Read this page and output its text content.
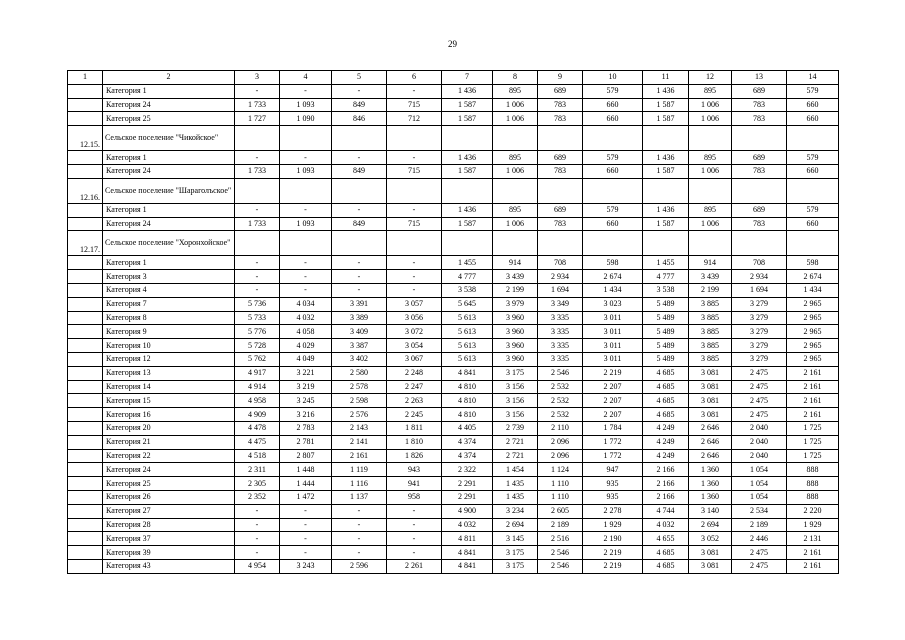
29
1	2	3	4	5	6	7	8	9	10	11	12	13	14
	Категория 1	-	-	-	-	1 436	895	689	579	1 436	895	689	579
	Категория 24	1 733	1 093	849	715	1 587	1 006	783	660	1 587	1 006	783	660
	Категория 25	1 727	1 090	846	712	1 587	1 006	783	660	1 587	1 006	783	660
12.15.	Сельское поселение "Чикойское"												
	Категория 1	-	-	-	-	1 436	895	689	579	1 436	895	689	579
	Категория 24	1 733	1 093	849	715	1 587	1 006	783	660	1 587	1 006	783	660
12.16.	Сельское поселение "Шараголъское"												
	Категория 1	-	-	-	-	1 436	895	689	579	1 436	895	689	579
	Категория 24	1 733	1 093	849	715	1 587	1 006	783	660	1 587	1 006	783	660
12.17.	Сельское поселение "Хоронхойское"												
	Категория 1	-	-	-	-	1 455	914	708	598	1 455	914	708	598
	Категория 3	-	-	-	-	4 777	3 439	2 934	2 674	4 777	3 439	2 934	2 674
	Категория 4	-	-	-	-	3 538	2 199	1 694	1 434	3 538	2 199	1 694	1 434
	Категория 7	5 736	4 034	3 391	3 057	5 645	3 979	3 349	3 023	5 489	3 885	3 279	2 965
	Категория 8	5 733	4 032	3 389	3 056	5 613	3 960	3 335	3 011	5 489	3 885	3 279	2 965
	Категория 9	5 776	4 058	3 409	3 072	5 613	3 960	3 335	3 011	5 489	3 885	3 279	2 965
	Категория 10	5 728	4 029	3 387	3 054	5 613	3 960	3 335	3 011	5 489	3 885	3 279	2 965
	Категория 12	5 762	4 049	3 402	3 067	5 613	3 960	3 335	3 011	5 489	3 885	3 279	2 965
	Категория 13	4 917	3 221	2 580	2 248	4 841	3 175	2 546	2 219	4 685	3 081	2 475	2 161
	Категория 14	4 914	3 219	2 578	2 247	4 810	3 156	2 532	2 207	4 685	3 081	2 475	2 161
	Категория 15	4 958	3 245	2 598	2 263	4 810	3 156	2 532	2 207	4 685	3 081	2 475	2 161
	Категория 16	4 909	3 216	2 576	2 245	4 810	3 156	2 532	2 207	4 685	3 081	2 475	2 161
	Категория 20	4 478	2 783	2 143	1 811	4 405	2 739	2 110	1 784	4 249	2 646	2 040	1 725
	Категория 21	4 475	2 781	2 141	1 810	4 374	2 721	2 096	1 772	4 249	2 646	2 040	1 725
	Категория 22	4 518	2 807	2 161	1 826	4 374	2 721	2 096	1 772	4 249	2 646	2 040	1 725
	Категория 24	2 311	1 448	1 119	943	2 322	1 454	1 124	947	2 166	1 360	1 054	888
	Категория 25	2 305	1 444	1 116	941	2 291	1 435	1 110	935	2 166	1 360	1 054	888
	Категория 26	2 352	1 472	1 137	958	2 291	1 435	1 110	935	2 166	1 360	1 054	888
	Категория 27	-	-	-	-	4 900	3 234	2 605	2 278	4 744	3 140	2 534	2 220
	Категория 28	-	-	-	-	4 032	2 694	2 189	1 929	4 032	2 694	2 189	1 929
	Категория 37	-	-	-	-	4 811	3 145	2 516	2 190	4 655	3 052	2 446	2 131
	Категория 39	-	-	-	-	4 841	3 175	2 546	2 219	4 685	3 081	2 475	2 161
	Категория 43	4 954	3 243	2 596	2 261	4 841	3 175	2 546	2 219	4 685	3 081	2 475	2 161
